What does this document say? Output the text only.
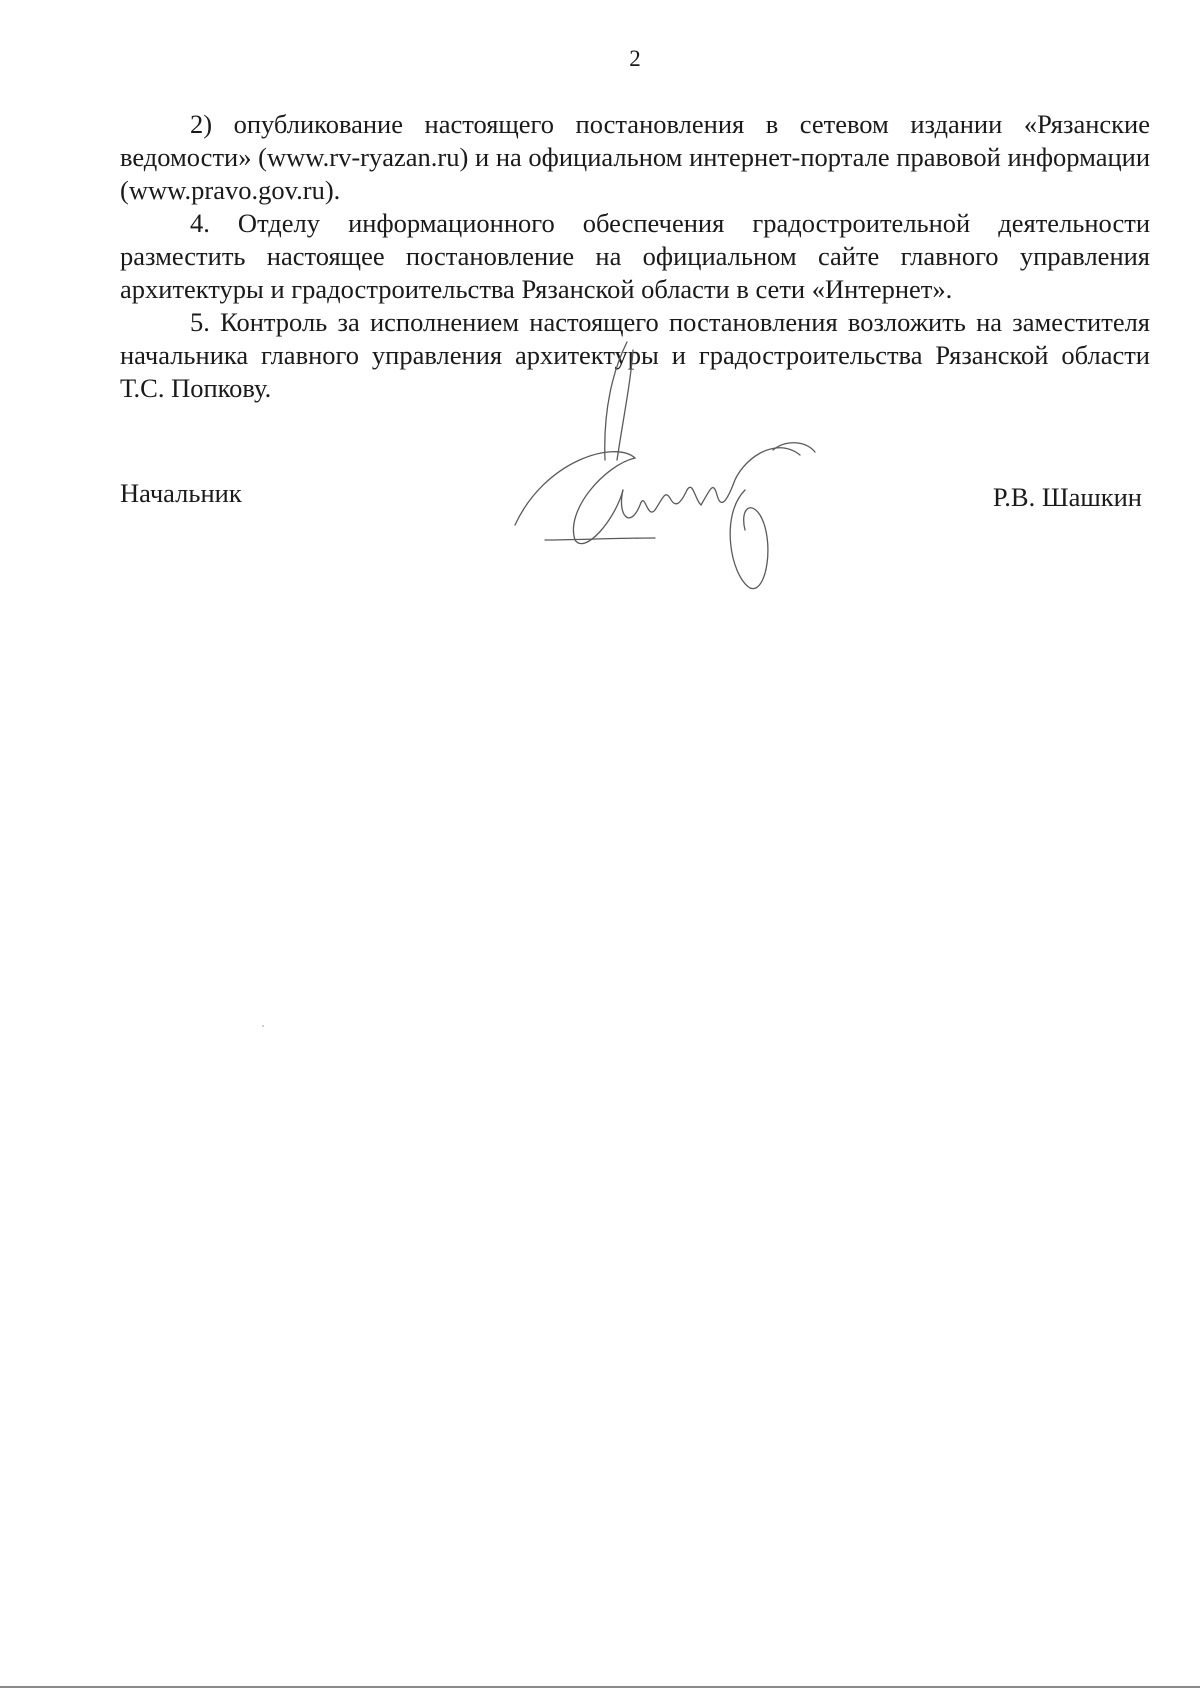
2

2) опубликование настоящего постановления в сетевом издании «Рязанские ведомости» (www.rv-ryazan.ru) и на официальном интернет-портале правовой информации (www.pravo.gov.ru).

4. Отделу информационного обеспечения градостроительной деятельности разместить настоящее постановление на официальном сайте главного управления архитектуры и градостроительства Рязанской области в сети «Интернет».

5. Контроль за исполнением настоящего постановления возложить на заместителя начальника главного управления архитектуры и градостроительства Рязанской области Т.С. Попкову.

Начальник	Р.В. Шашкин
